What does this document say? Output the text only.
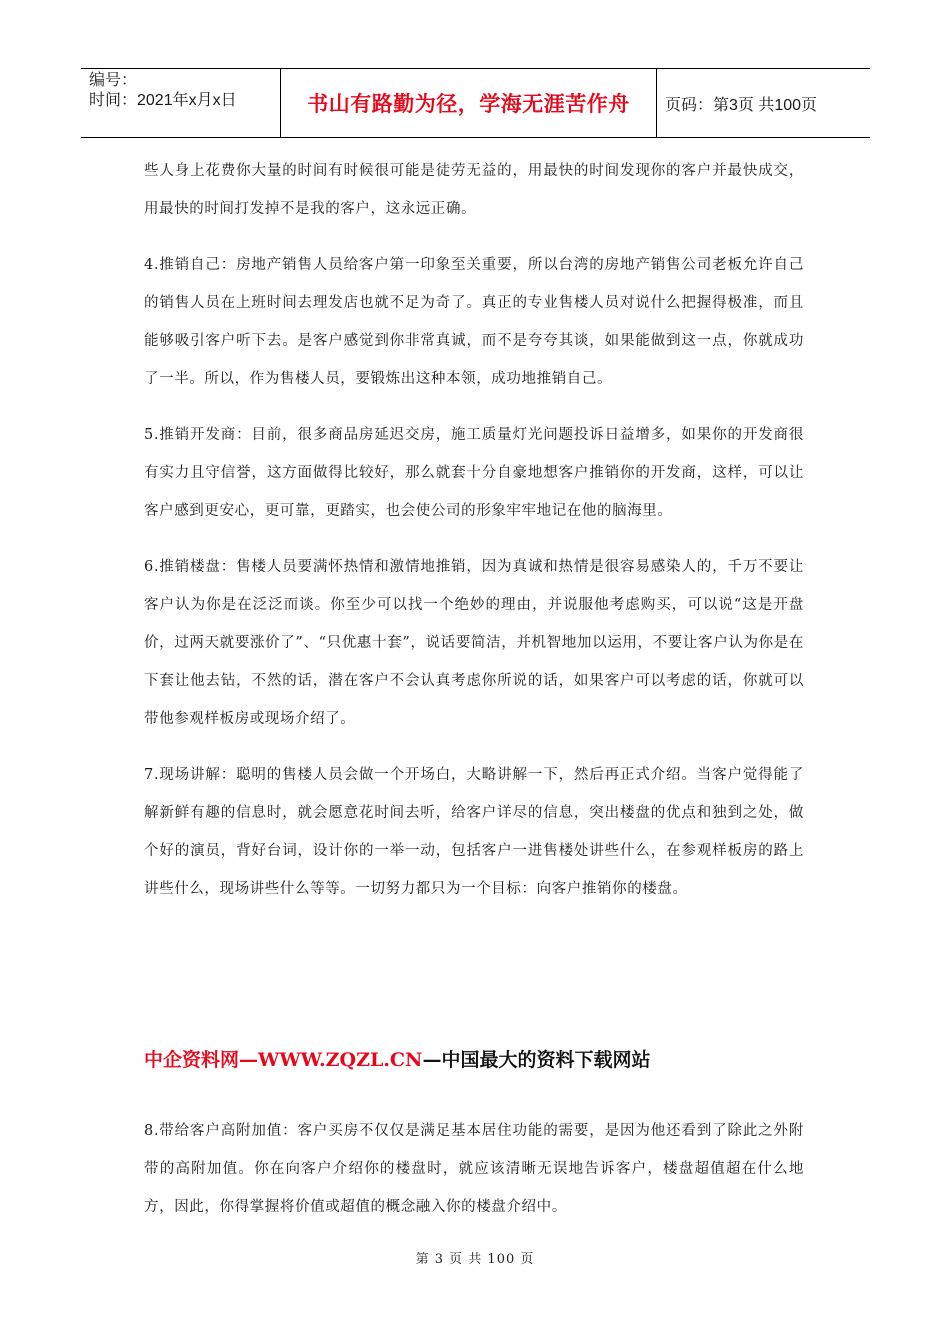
编号：
时间：2021年x月x日	书山有路勤为径，学海无涯苦作舟	页码：第3页 共100页

些人身上花费你大量的时间有时候很可能是徒劳无益的，用最快的时间发现你的客户并最快成交，用最快的时间打发掉不是我的客户，这永远正确。

4.推销自己：房地产销售人员给客户第一印象至关重要，所以台湾的房地产销售公司老板允许自己的销售人员在上班时间去理发店也就不足为奇了。真正的专业售楼人员对说什么把握得极准，而且能够吸引客户听下去。是客户感觉到你非常真诚，而不是夸夸其谈，如果能做到这一点，你就成功了一半。所以，作为售楼人员，要锻炼出这种本领，成功地推销自己。

5.推销开发商：目前，很多商品房延迟交房，施工质量灯光问题投诉日益增多，如果你的开发商很有实力且守信誉，这方面做得比较好，那么就套十分自豪地想客户推销你的开发商，这样，可以让客户感到更安心，更可靠，更踏实，也会使公司的形象牢牢地记在他的脑海里。

6.推销楼盘：售楼人员要满怀热情和激情地推销，因为真诚和热情是很容易感染人的，千万不要让客户认为你是在泛泛而谈。你至少可以找一个绝妙的理由，并说服他考虑购买，可以说“这是开盘价，过两天就要涨价了”、“只优惠十套”，说话要简洁，并机智地加以运用，不要让客户认为你是在下套让他去钻，不然的话，潜在客户不会认真考虑你所说的话，如果客户可以考虑的话，你就可以带他参观样板房或现场介绍了。

7.现场讲解：聪明的售楼人员会做一个开场白，大略讲解一下，然后再正式介绍。当客户觉得能了解新鲜有趣的信息时，就会愿意花时间去听，给客户详尽的信息，突出楼盘的优点和独到之处，做个好的演员，背好台词，设计你的一举一动，包括客户一进售楼处讲些什么，在参观样板房的路上讲些什么，现场讲些什么等等。一切努力都只为一个目标：向客户推销你的楼盘。

中企资料网—WWW.ZQZL.CN—中国最大的资料下载网站

8.带给客户高附加值：客户买房不仅仅是满足基本居住功能的需要，是因为他还看到了除此之外附带的高附加值。你在向客户介绍你的楼盘时，就应该清晰无误地告诉客户，楼盘超值超在什么地方，因此，你得掌握将价值或超值的概念融入你的楼盘介绍中。

第 3 页 共 100 页
